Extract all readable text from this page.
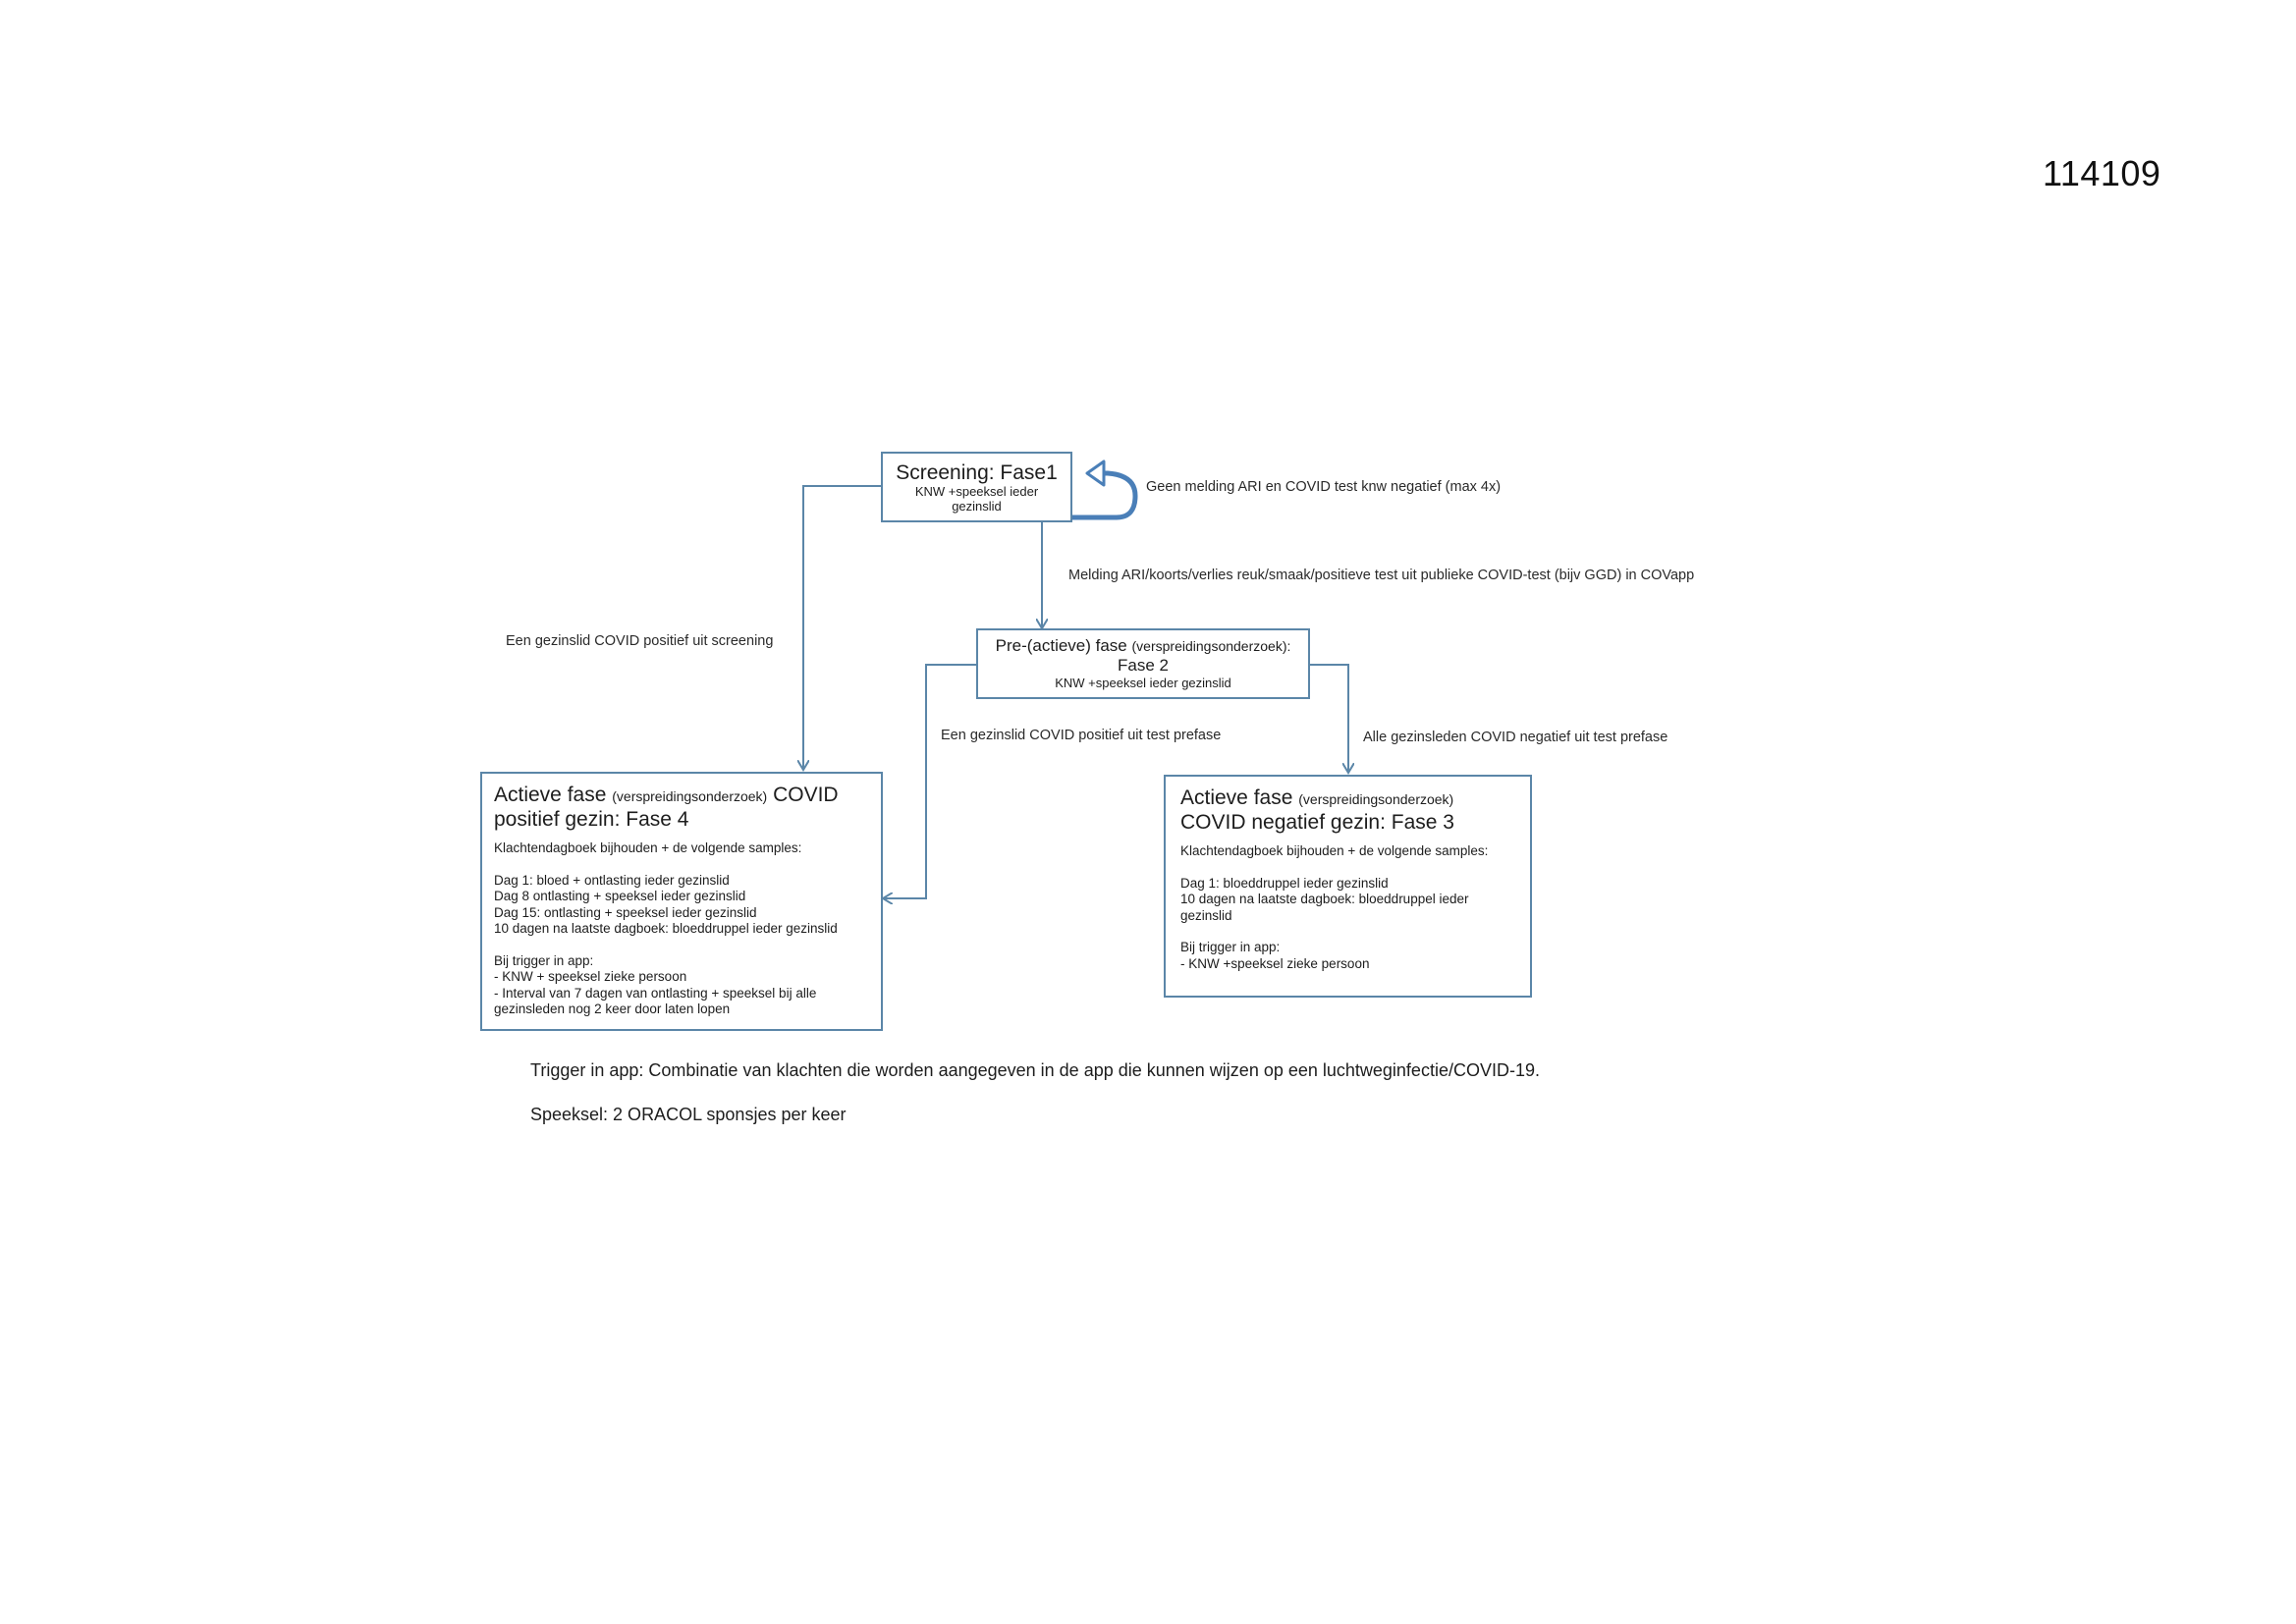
114109
Screening: Fase1
KNW +speeksel ieder
gezinslid
Pre-(actieve) fase (verspreidingsonderzoek):
Fase 2
KNW +speeksel ieder gezinslid
Actieve fase (verspreidingsonderzoek) COVID
positief gezin: Fase 4
Klachtendagboek bijhouden + de volgende samples:
Dag 1: bloed + ontlasting ieder gezinslid
Dag 8 ontlasting + speeksel ieder gezinslid
Dag 15: ontlasting + speeksel ieder gezinslid
10 dagen na laatste dagboek: bloeddruppel ieder gezinslid
Bij trigger in app:
- KNW + speeksel zieke persoon
- Interval van 7 dagen van ontlasting + speeksel bij alle
gezinsleden nog 2 keer door laten lopen
Actieve fase (verspreidingsonderzoek)
COVID negatief gezin: Fase 3
Klachtendagboek bijhouden + de volgende samples:
Dag 1: bloeddruppel ieder gezinslid
10 dagen na laatste dagboek: bloeddruppel ieder
gezinslid
Bij trigger in app:
- KNW +speeksel zieke persoon
Geen melding ARI en COVID test knw negatief (max 4x)
Melding ARI/koorts/verlies reuk/smaak/positieve test uit publieke COVID-test (bijv GGD) in COVapp
Een gezinslid COVID positief uit screening
Een gezinslid COVID positief uit test prefase	Alle gezinsleden COVID negatief uit test prefase
Trigger in app: Combinatie van klachten die worden aangegeven in de app die kunnen wijzen op een luchtweginfectie/COVID-19.
Speeksel: 2 ORACOL sponsjes per keer
